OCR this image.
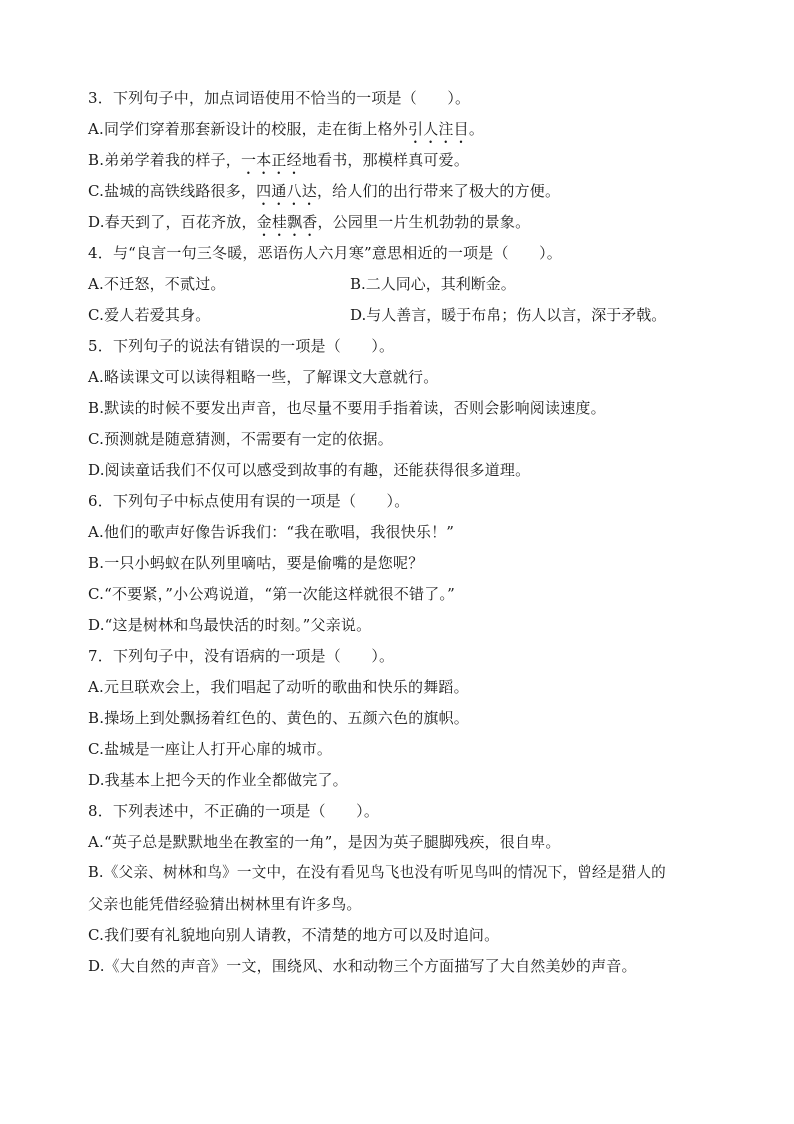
3．下列句子中，加点词语使用不恰当的一项是（　　）。
A.同学们穿着那套新设计的校服，走在街上格外引人注目。
B.弟弟学着我的样子，一本正经地看书，那模样真可爱。
C.盐城的高铁线路很多，四通八达，给人们的出行带来了极大的方便。
D.春天到了，百花齐放，金桂飘香，公园里一片生机勃勃的景象。
4．与“良言一句三冬暖，恶语伤人六月寒”意思相近的一项是（　　）。
A.不迁怒，不贰过。	B.二人同心，其利断金。
C.爱人若爱其身。	D.与人善言，暖于布帛；伤人以言，深于矛戟。
5．下列句子的说法有错误的一项是（　　）。
A.略读课文可以读得粗略一些，了解课文大意就行。
B.默读的时候不要发出声音，也尽量不要用手指着读，否则会影响阅读速度。
C.预测就是随意猜测，不需要有一定的依据。
D.阅读童话我们不仅可以感受到故事的有趣，还能获得很多道理。
6．下列句子中标点使用有误的一项是（　　）。
A.他们的歌声好像告诉我们：“我在歌唱，我很快乐！”
B.一只小蚂蚁在队列里嘀咕，要是偷嘴的是您呢？
C.“不要紧，”小公鸡说道，“第一次能这样就很不错了。”
D.“这是树林和鸟最快活的时刻。”父亲说。
7．下列句子中，没有语病的一项是（　　）。
A.元旦联欢会上，我们唱起了动听的歌曲和快乐的舞蹈。
B.操场上到处飘扬着红色的、黄色的、五颜六色的旗帜。
C.盐城是一座让人打开心扉的城市。
D.我基本上把今天的作业全都做完了。
8．下列表述中，不正确的一项是（　　）。
A.“英子总是默默地坐在教室的一角”，是因为英子腿脚残疾，很自卑。
B.《父亲、树林和鸟》一文中，在没有看见鸟飞也没有听见鸟叫的情况下，曾经是猎人的
父亲也能凭借经验猜出树林里有许多鸟。
C.我们要有礼貌地向别人请教，不清楚的地方可以及时追问。
D.《大自然的声音》一文，围绕风、水和动物三个方面描写了大自然美妙的声音。
